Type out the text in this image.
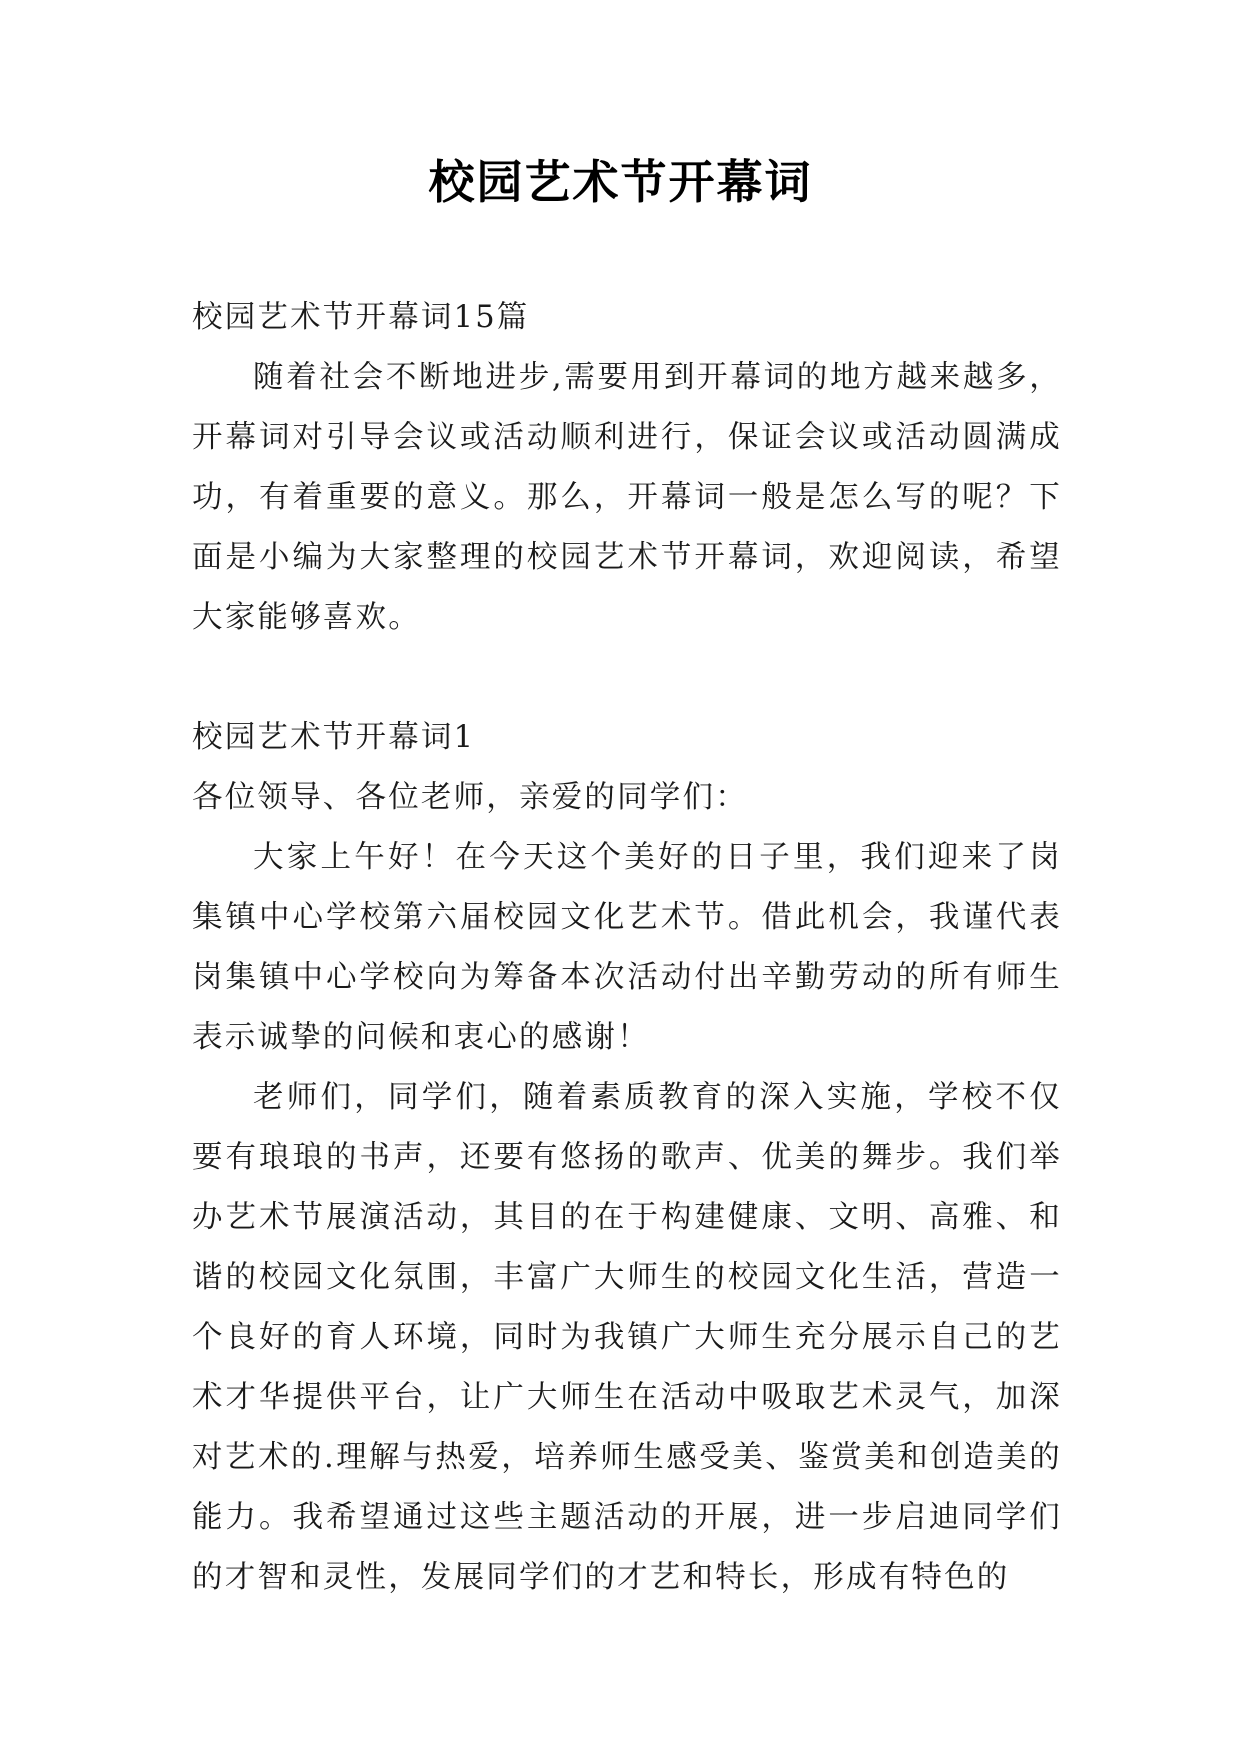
校园艺术节开幕词

校园艺术节开幕词15篇

随着社会不断地进步,需要用到开幕词的地方越来越多，开幕词对引导会议或活动顺利进行，保证会议或活动圆满成功，有着重要的意义。那么，开幕词一般是怎么写的呢？下面是小编为大家整理的校园艺术节开幕词，欢迎阅读，希望大家能够喜欢。

校园艺术节开幕词1

各位领导、各位老师，亲爱的同学们：

大家上午好！在今天这个美好的日子里，我们迎来了岗集镇中心学校第六届校园文化艺术节。借此机会，我谨代表岗集镇中心学校向为筹备本次活动付出辛勤劳动的所有师生表示诚挚的问候和衷心的感谢！

老师们，同学们，随着素质教育的深入实施，学校不仅要有琅琅的书声，还要有悠扬的歌声、优美的舞步。我们举办艺术节展演活动，其目的在于构建健康、文明、高雅、和谐的校园文化氛围，丰富广大师生的校园文化生活，营造一个良好的育人环境，同时为我镇广大师生充分展示自己的艺术才华提供平台，让广大师生在活动中吸取艺术灵气，加深对艺术的.理解与热爱，培养师生感受美、鉴赏美和创造美的能力。我希望通过这些主题活动的开展，进一步启迪同学们的才智和灵性，发展同学们的才艺和特长，形成有特色的
